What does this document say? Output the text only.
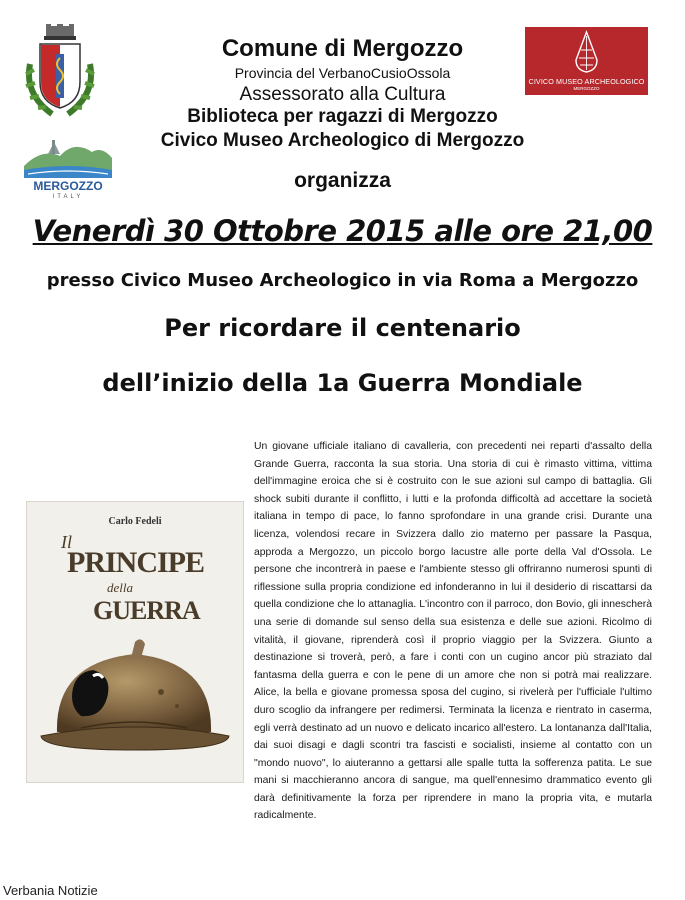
CIVICO MUSEO ARCHEOLOGICO
MERGOZZO
MERGOZZO
ITALY
Comune di Mergozzo
Provincia del VerbanoCusioOssola
Assessorato alla Cultura
Biblioteca per ragazzi di Mergozzo
Civico Museo Archeologico di Mergozzo
organizza
Venerdì 30 Ottobre 2015 alle ore 21,00
presso Civico Museo Archeologico in via Roma a Mergozzo
Per ricordare il centenario
dell’inizio della 1a Guerra Mondiale
Carlo Fedeli
Il
PRINCIPE
della
GUERRA
Un giovane ufficiale italiano di cavalleria, con precedenti nei reparti d'assalto della Grande Guerra, racconta la sua storia. Una storia di cui è rimasto vittima, vittima dell'immagine eroica che si è costruito con le sue azioni sul campo di battaglia. Gli shock subiti durante il conflitto, i lutti e la profonda difficoltà ad accettare la società italiana in tempo di pace, lo fanno sprofondare in una grande crisi. Durante una licenza, volendosi recare in Svizzera dallo zio materno per passare la Pasqua, approda a Mergozzo, un piccolo borgo lacustre alle porte della Val d'Ossola. Le persone che incontrerà in paese e l'ambiente stesso gli offriranno numerosi spunti di riflessione sulla propria condizione ed infonderanno in lui il desiderio di riscattarsi da quella condizione che lo attanaglia. L'incontro con il parroco, don Bovio, gli innescherà una serie di domande sul senso della sua esistenza e delle sue azioni. Ricolmo di vitalità, il giovane, riprenderà così il proprio viaggio per la Svizzera. Giunto a destinazione si troverà, però, a fare i conti con un cugino ancor più straziato dal fantasma della guerra e con le pene di un amore che non si potrà mai realizzare. Alice, la bella e giovane promessa sposa del cugino, si rivelerà per l'ufficiale l'ultimo duro scoglio da infrangere per redimersi. Terminata la licenza e rientrato in caserma, egli verrà destinato ad un nuovo e delicato incarico all'estero. La lontananza dall'Italia, dai suoi disagi e dagli scontri tra fascisti e socialisti, insieme al contatto con un "mondo nuovo", lo aiuteranno a gettarsi alle spalle tutta la sofferenza patita. Le sue mani si macchieranno ancora di sangue, ma quell'ennesimo drammatico evento gli darà definitivamente la forza per riprendere in mano la propria vita, e mutarla radicalmente.
Verbania Notizie
